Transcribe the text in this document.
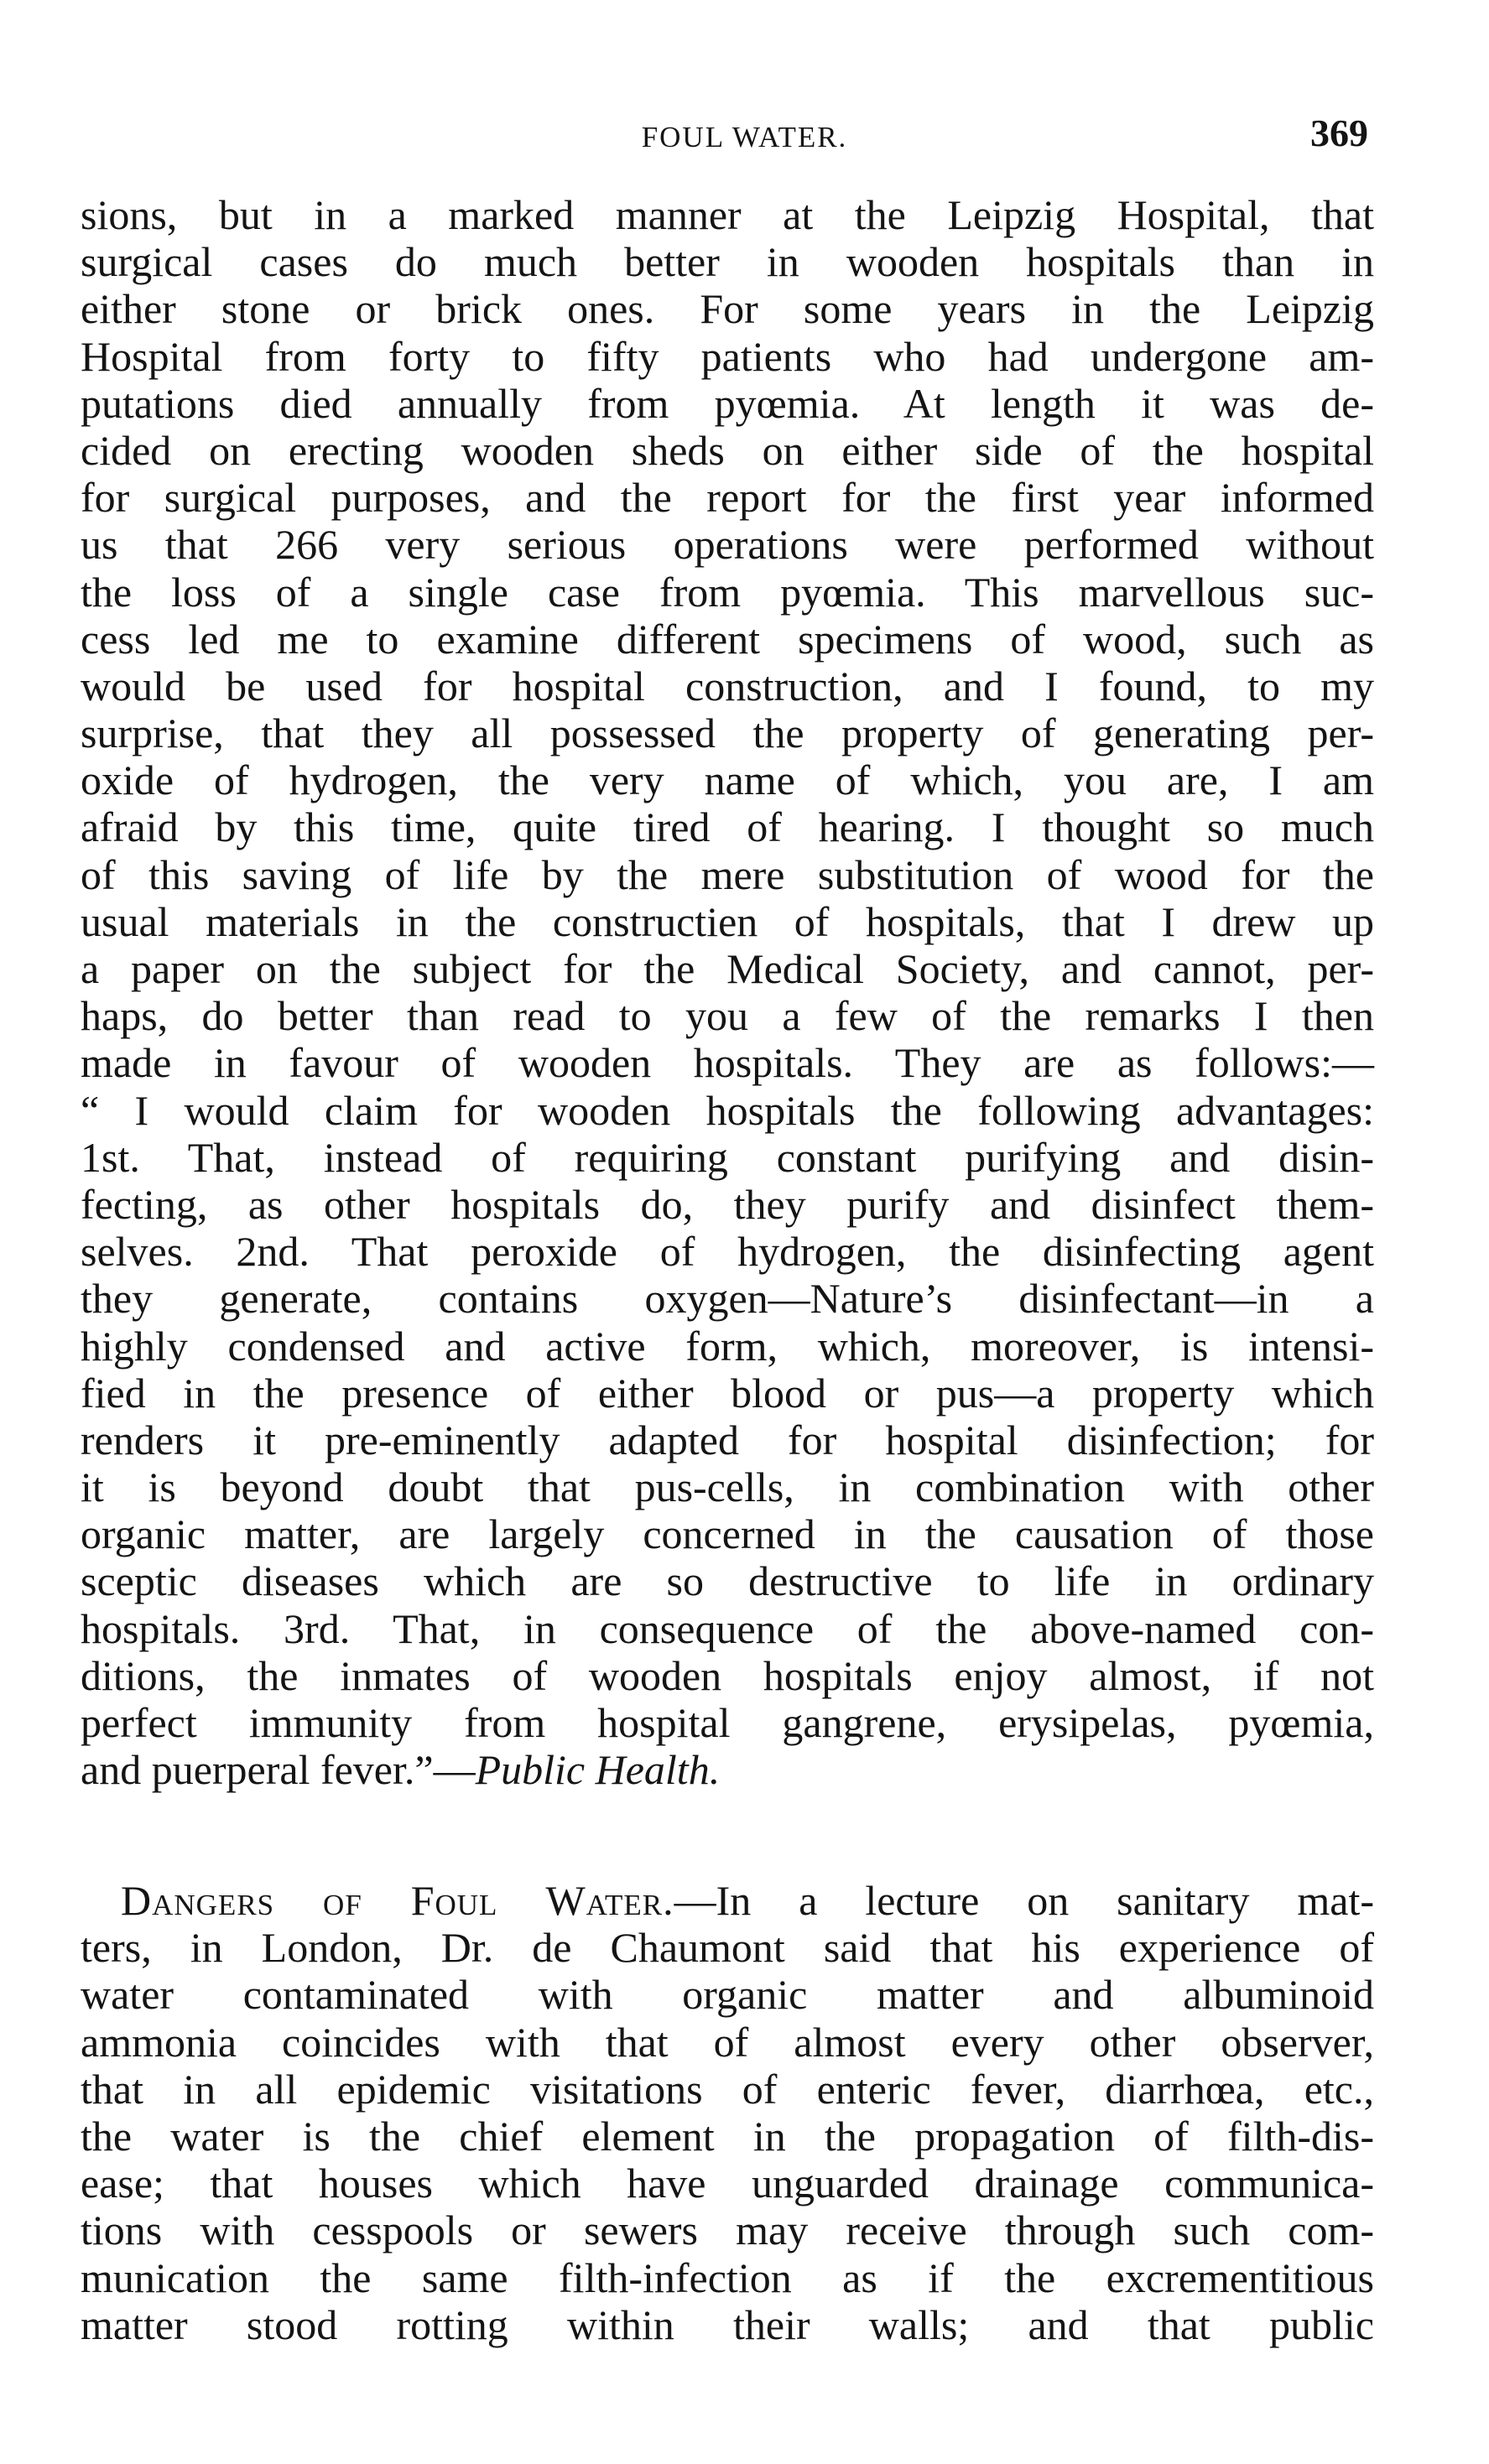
FOUL WATER.	369
sions, but in a marked manner at the Leipzig Hospital, that
surgical cases do much better in wooden hospitals than in
either stone or brick ones. For some years in the Leipzig
Hospital from forty to fifty patients who had undergone am-
putations died annually from pyœmia. At length it was de-
cided on erecting wooden sheds on either side of the hospital
for surgical purposes, and the report for the first year informed
us that 266 very serious operations were performed without
the loss of a single case from pyœmia. This marvellous suc-
cess led me to examine different specimens of wood, such as
would be used for hospital construction, and I found, to my
surprise, that they all possessed the property of generating per-
oxide of hydrogen, the very name of which, you are, I am
afraid by this time, quite tired of hearing. I thought so much
of this saving of life by the mere substitution of wood for the
usual materials in the constructien of hospitals, that I drew up
a paper on the subject for the Medical Society, and cannot, per-
haps, do better than read to you a few of the remarks I then
made in favour of wooden hospitals. They are as follows:—
“ I would claim for wooden hospitals the following advantages:
1st. That, instead of requiring constant purifying and disin-
fecting, as other hospitals do, they purify and disinfect them-
selves. 2nd. That peroxide of hydrogen, the disinfecting agent
they generate, contains oxygen—Nature’s disinfectant—in a
highly condensed and active form, which, moreover, is intensi-
fied in the presence of either blood or pus—a property which
renders it pre-eminently adapted for hospital disinfection; for
it is beyond doubt that pus-cells, in combination with other
organic matter, are largely concerned in the causation of those
sceptic diseases which are so destructive to life in ordinary
hospitals. 3rd. That, in consequence of the above-named con-
ditions, the inmates of wooden hospitals enjoy almost, if not
perfect immunity from hospital gangrene, erysipelas, pyœmia,
and puerperal fever.”—Public Health.
Dangers of Foul Water.—In a lecture on sanitary mat-
ters, in London, Dr. de Chaumont said that his experience of
water contaminated with organic matter and albuminoid
ammonia coincides with that of almost every other observer,
that in all epidemic visitations of enteric fever, diarrhœa, etc.,
the water is the chief element in the propagation of filth-dis-
ease; that houses which have unguarded drainage communica-
tions with cesspools or sewers may receive through such com-
munication the same filth-infection as if the excrementitious
matter stood rotting within their walls; and that public
